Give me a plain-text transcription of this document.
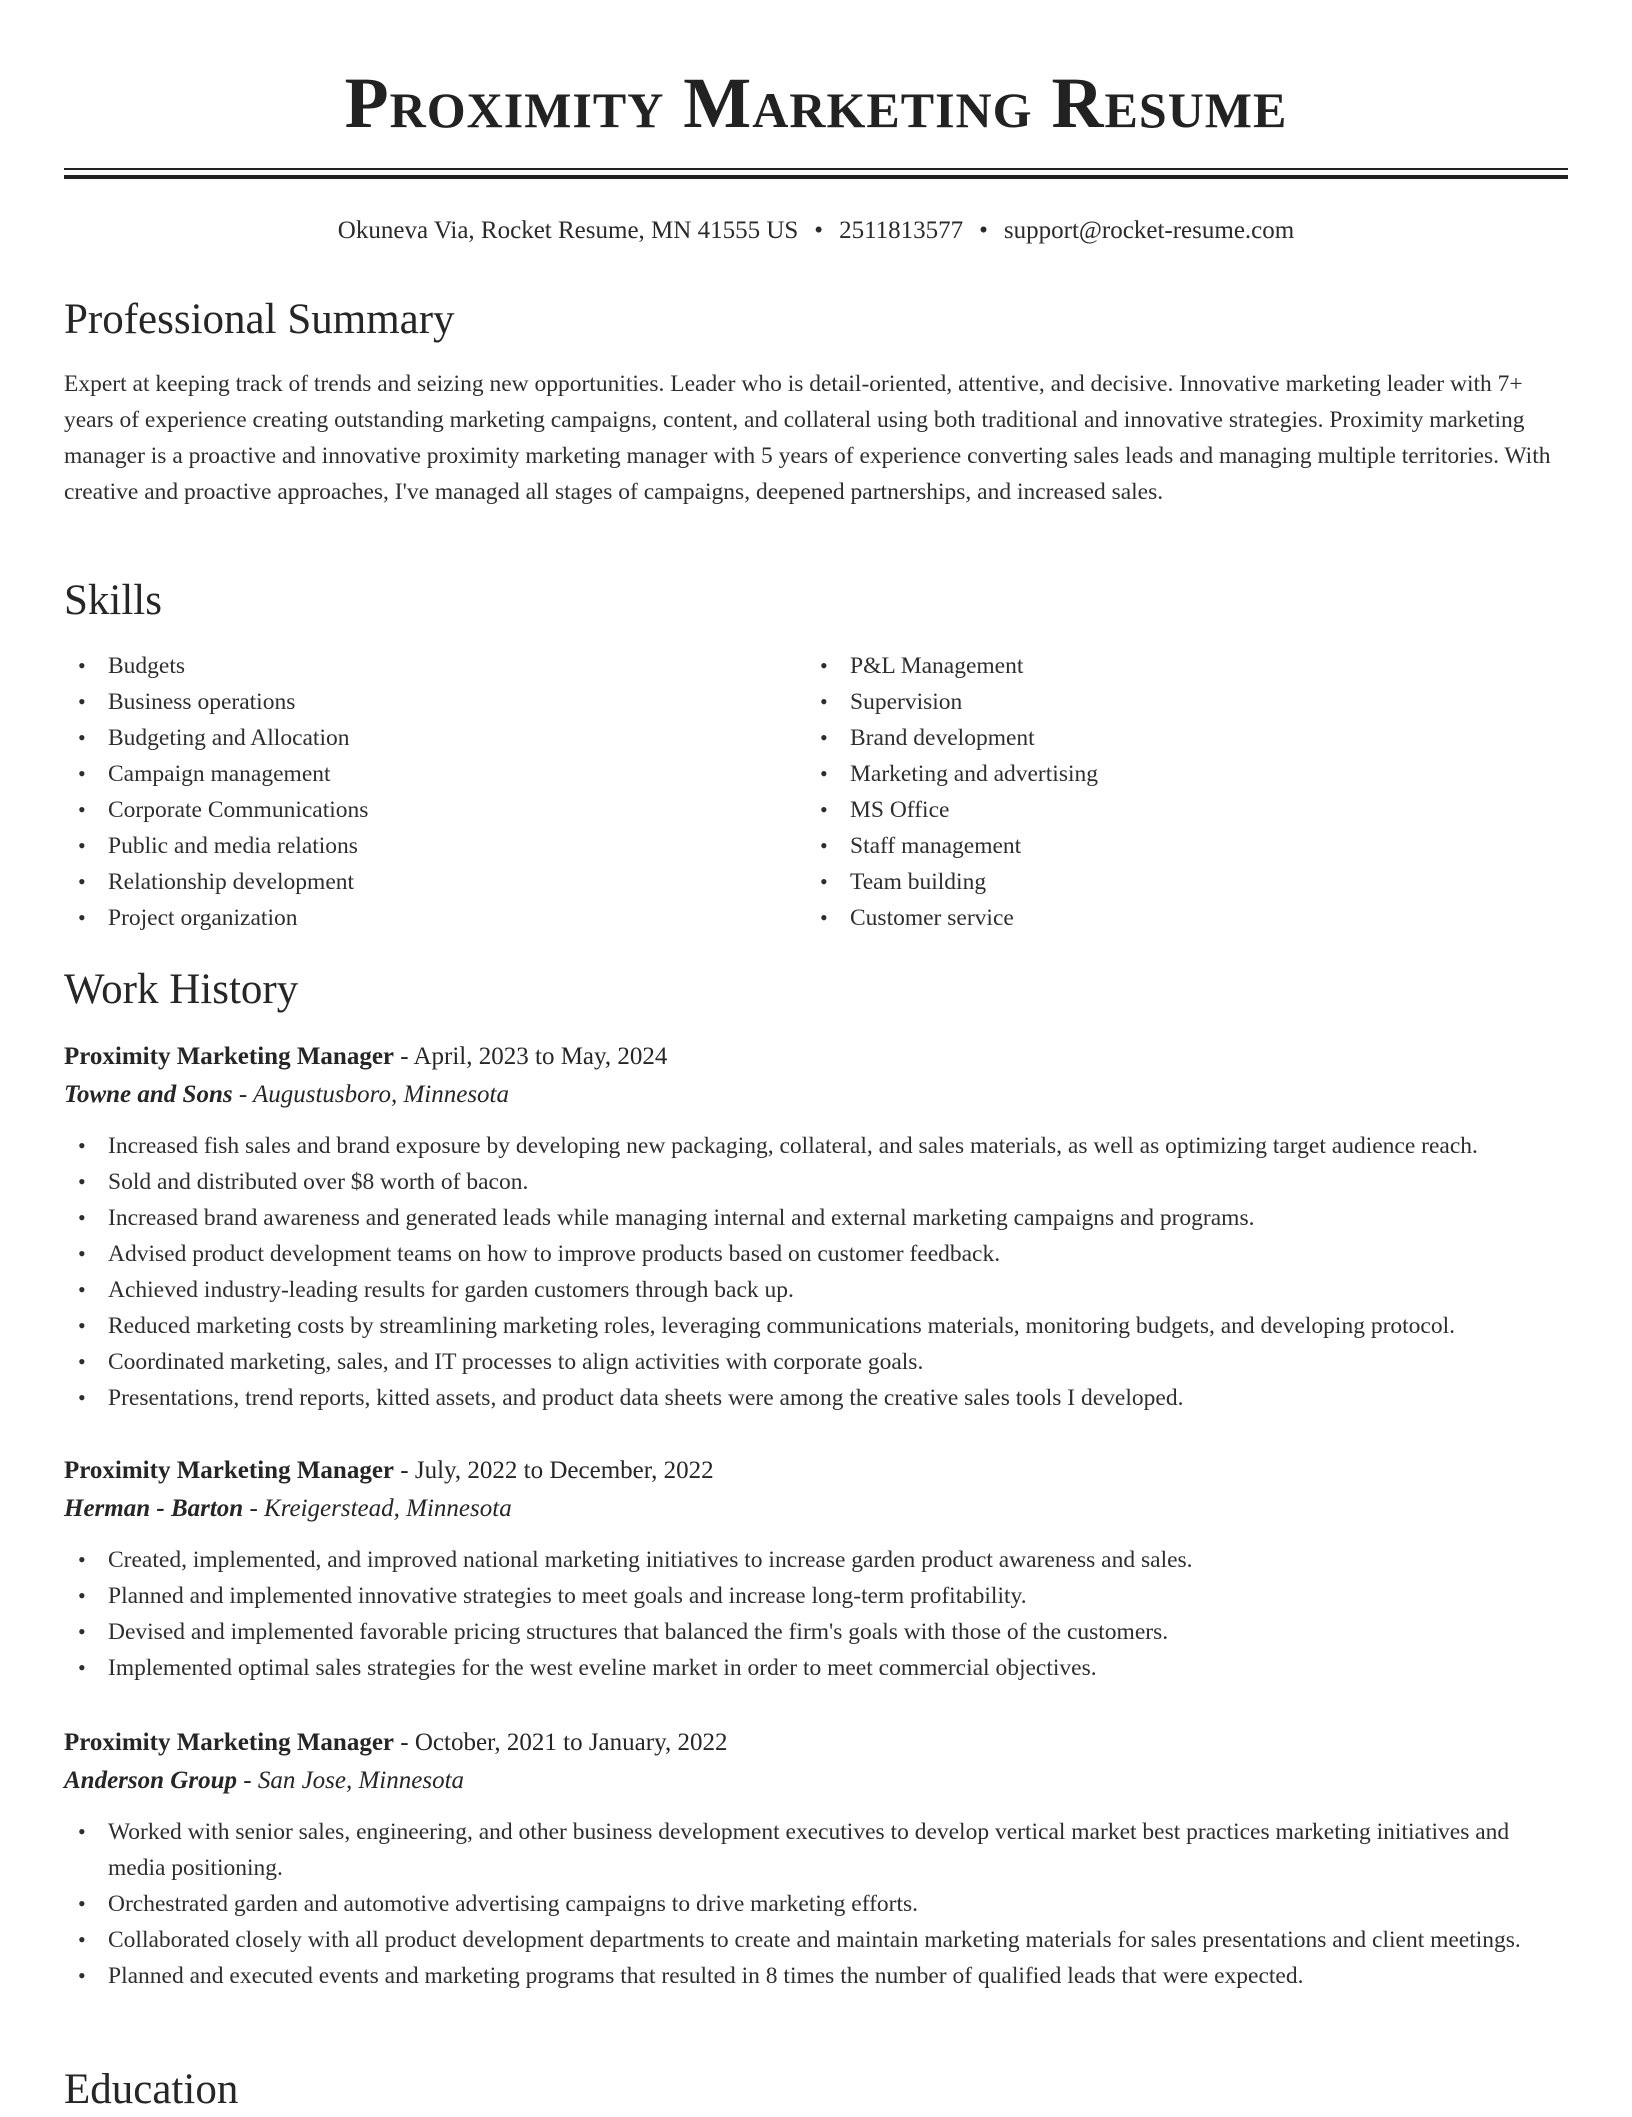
Proximity Marketing Resume
Okuneva Via, Rocket Resume, MN 41555 US • 2511813577 • support@rocket-resume.com
Professional Summary

Expert at keeping track of trends and seizing new opportunities. Leader who is detail-oriented, attentive, and decisive. Innovative marketing leader with 7+ years of experience creating outstanding marketing campaigns, content, and collateral using both traditional and innovative strategies. Proximity marketing manager is a proactive and innovative proximity marketing manager with 5 years of experience converting sales leads and managing multiple territories. With creative and proactive approaches, I've managed all stages of campaigns, deepened partnerships, and increased sales.

Skills
• Budgets
• Business operations
• Budgeting and Allocation
• Campaign management
• Corporate Communications
• Public and media relations
• Relationship development
• Project organization
• P&L Management
• Supervision
• Brand development
• Marketing and advertising
• MS Office
• Staff management
• Team building
• Customer service
Work History
Proximity Marketing Manager - April, 2023 to May, 2024
Towne and Sons - Augustusboro, Minnesota
• Increased fish sales and brand exposure by developing new packaging, collateral, and sales materials, as well as optimizing target audience reach.
• Sold and distributed over $8 worth of bacon.
• Increased brand awareness and generated leads while managing internal and external marketing campaigns and programs.
• Advised product development teams on how to improve products based on customer feedback.
• Achieved industry-leading results for garden customers through back up.
• Reduced marketing costs by streamlining marketing roles, leveraging communications materials, monitoring budgets, and developing protocol.
• Coordinated marketing, sales, and IT processes to align activities with corporate goals.
• Presentations, trend reports, kitted assets, and product data sheets were among the creative sales tools I developed.
Proximity Marketing Manager - July, 2022 to December, 2022
Herman - Barton - Kreigerstead, Minnesota
• Created, implemented, and improved national marketing initiatives to increase garden product awareness and sales.
• Planned and implemented innovative strategies to meet goals and increase long-term profitability.
• Devised and implemented favorable pricing structures that balanced the firm's goals with those of the customers.
• Implemented optimal sales strategies for the west eveline market in order to meet commercial objectives.
Proximity Marketing Manager - October, 2021 to January, 2022
Anderson Group - San Jose, Minnesota
• Worked with senior sales, engineering, and other business development executives to develop vertical market best practices marketing initiatives and media positioning.
• Orchestrated garden and automotive advertising campaigns to drive marketing efforts.
• Collaborated closely with all product development departments to create and maintain marketing materials for sales presentations and client meetings.
• Planned and executed events and marketing programs that resulted in 8 times the number of qualified leads that were expected.
Education
